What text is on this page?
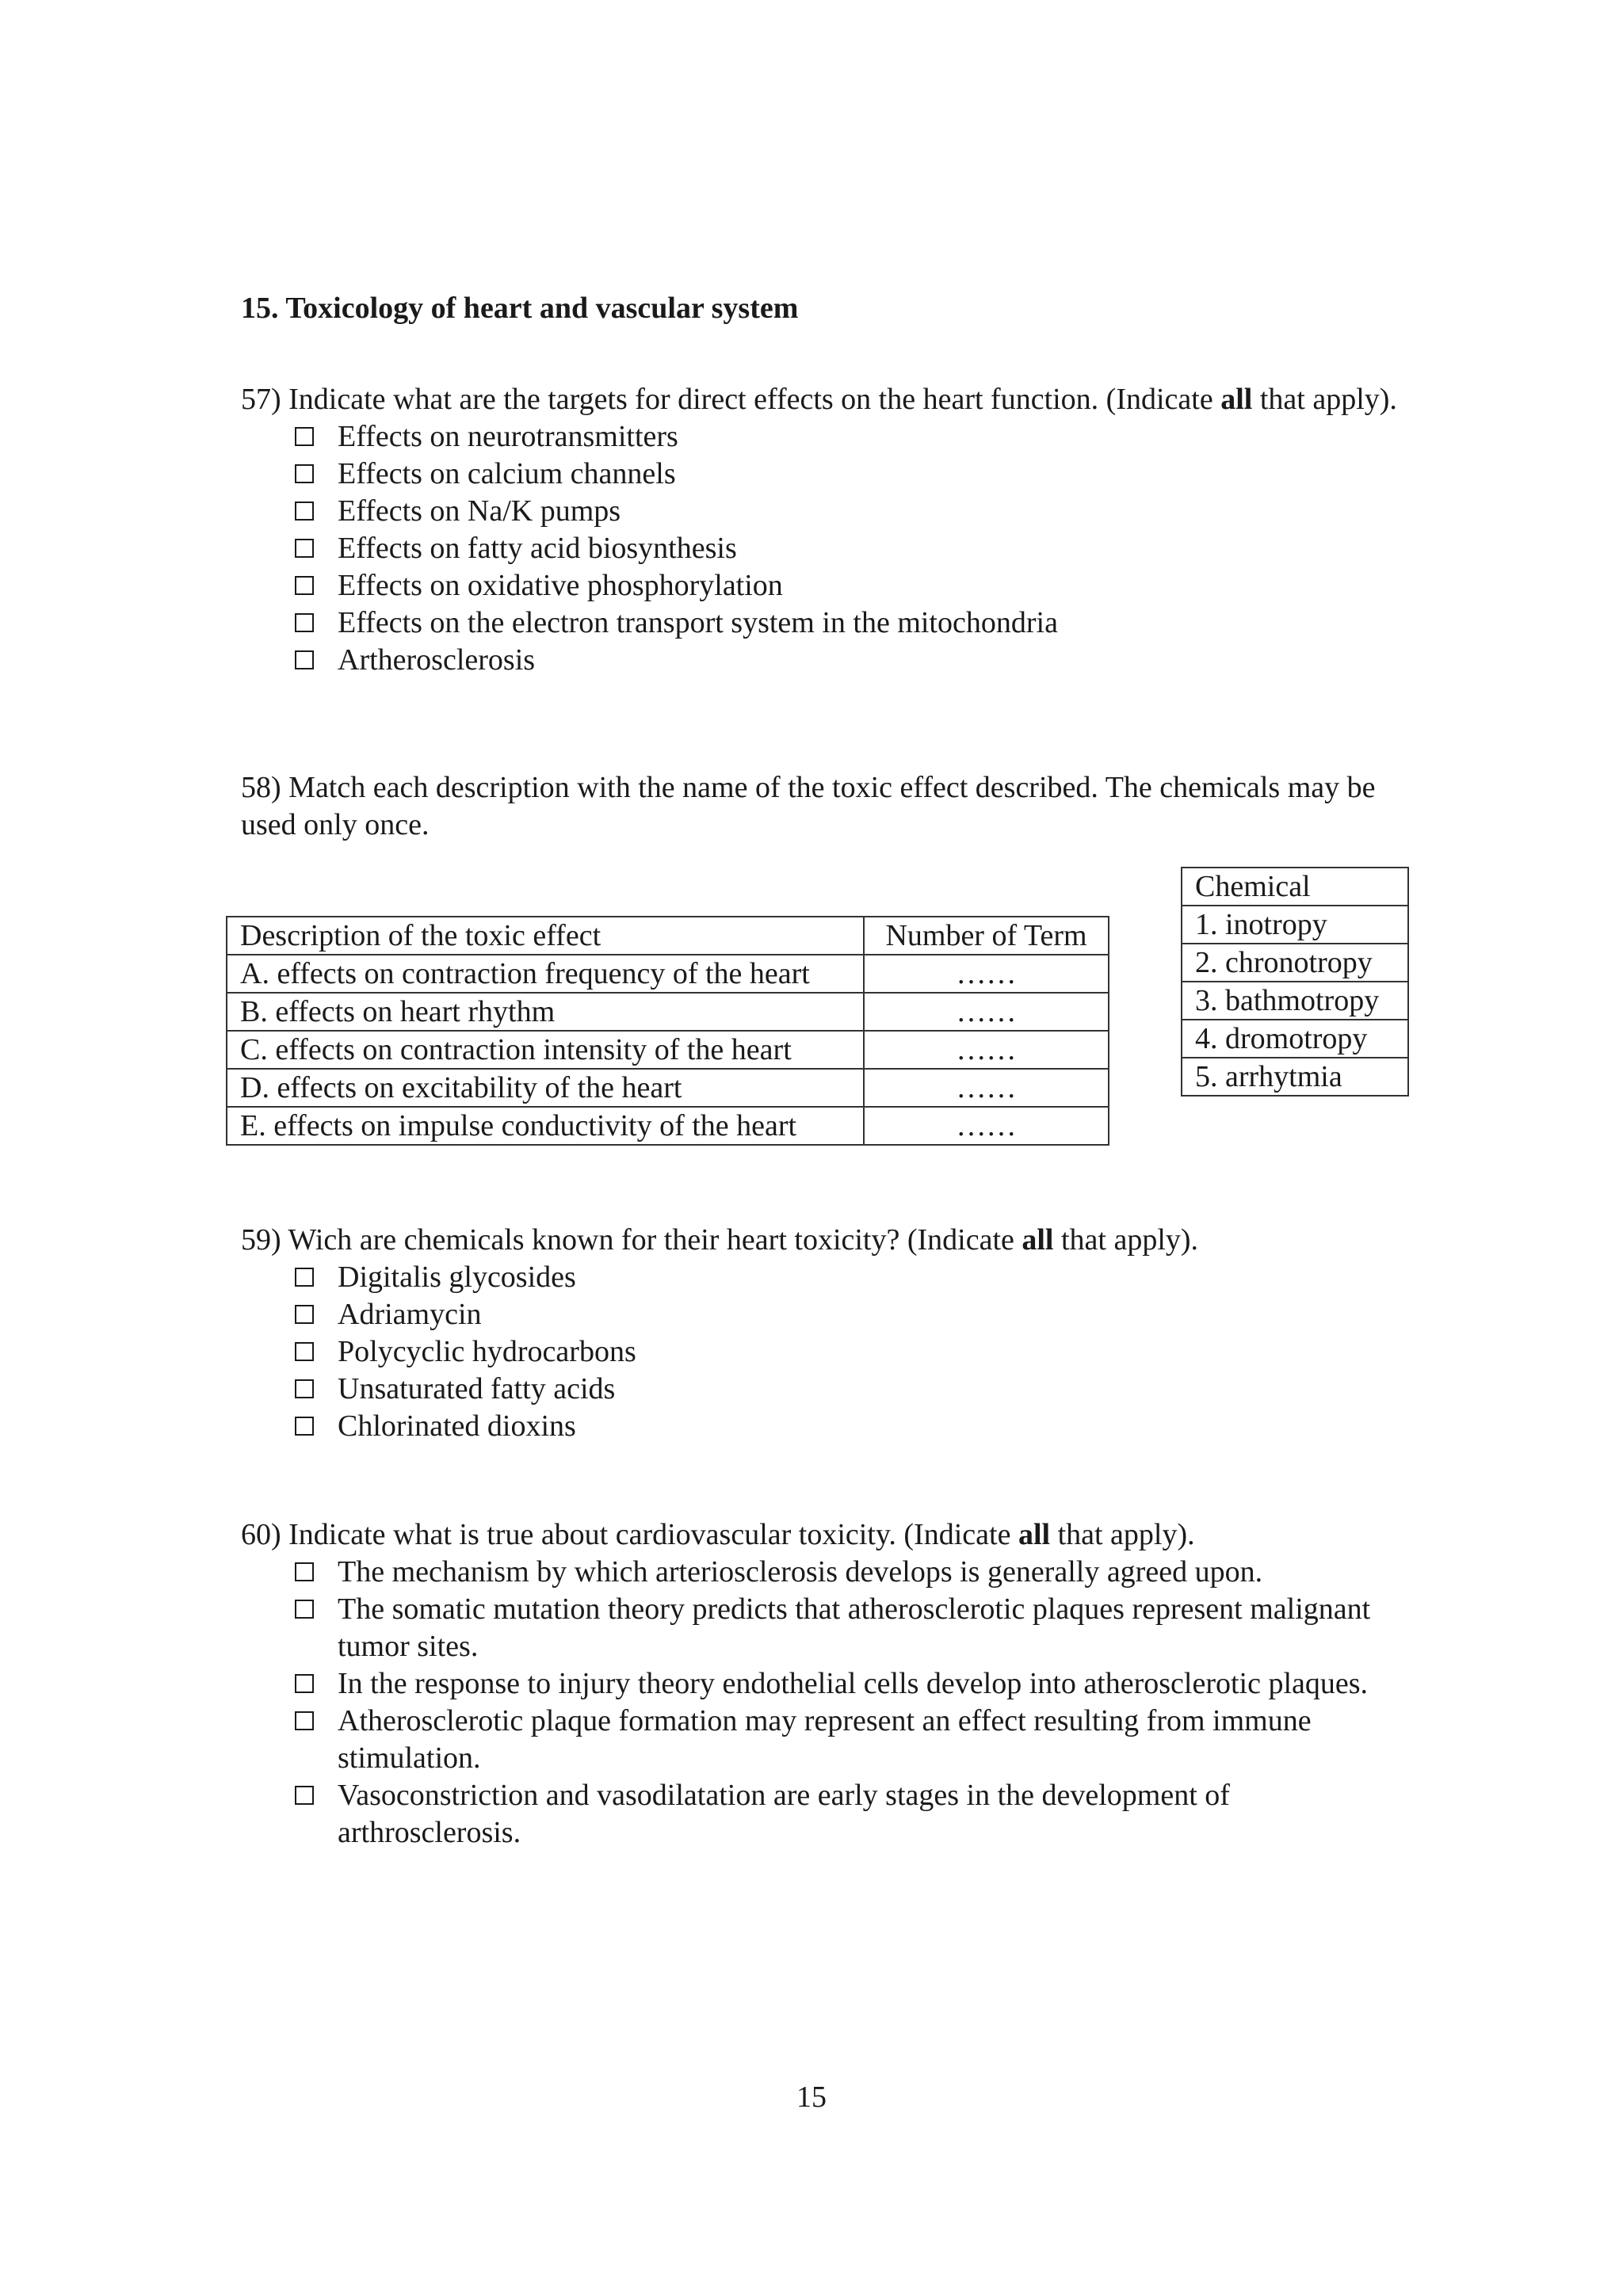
15. Toxicology of heart and vascular system

57) Indicate what are the targets for direct effects on the heart function. (Indicate all that apply).

Effects on neurotransmitters
Effects on calcium channels
Effects on Na/K pumps
Effects on fatty acid biosynthesis
Effects on oxidative phosphorylation
Effects on the electron transport system in the mitochondria
Artherosclerosis

58) Match each description with the name of the toxic effect described. The chemicals may be used only once.

Chemical
1. inotropy
2. chronotropy
3. bathmotropy
4. dromotropy
5. arrhytmia
Description of the toxic effect	Number of Term
A. effects on contraction frequency of the heart	……
B. effects on heart rhythm	……
C. effects on contraction intensity of the heart	……
D. effects on excitability of the heart	……
E. effects on impulse conductivity of the heart	……

59) Wich are chemicals known for their heart toxicity? (Indicate all that apply).

Digitalis glycosides
Adriamycin
Polycyclic hydrocarbons
Unsaturated fatty acids
Chlorinated dioxins

60) Indicate what is true about cardiovascular toxicity. (Indicate all that apply).

The mechanism by which arteriosclerosis develops is generally agreed upon.
The somatic mutation theory predicts that atherosclerotic plaques represent malignant tumor sites.
In the response to injury theory endothelial cells develop into atherosclerotic plaques.
Atherosclerotic plaque formation may represent an effect resulting from immune stimulation.
Vasoconstriction and vasodilatation are early stages in the development of arthrosclerosis.
15
